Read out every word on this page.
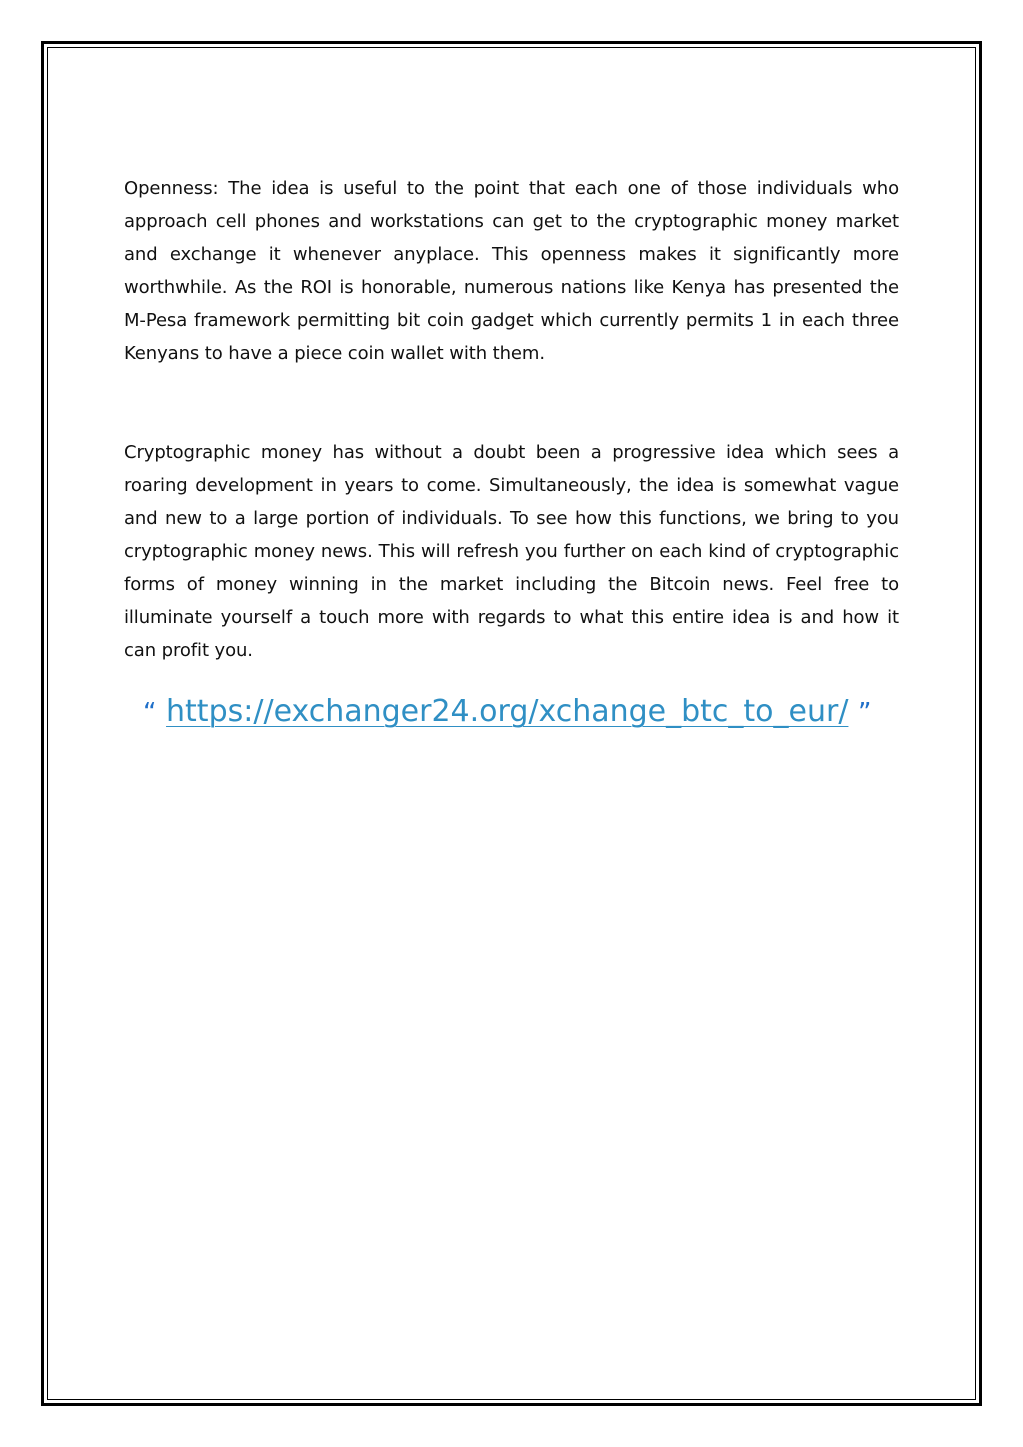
Openness: The idea is useful to the point that each one of those individuals who approach cell phones and workstations can get to the cryptographic money market and exchange it whenever anyplace. This openness makes it significantly more worthwhile. As the ROI is honorable, numerous nations like Kenya has presented the M-Pesa framework permitting bit coin gadget which currently permits 1 in each three Kenyans to have a piece coin wallet with them.

Cryptographic money has without a doubt been a progressive idea which sees a roaring development in years to come. Simultaneously, the idea is somewhat vague and new to a large portion of individuals. To see how this functions, we bring to you cryptographic money news. This will refresh you further on each kind of cryptographic forms of money winning in the market including the Bitcoin news. Feel free to illuminate yourself a touch more with regards to what this entire idea is and how it can profit you.

“ https://exchanger24.org/xchange_btc_to_eur/ ”
